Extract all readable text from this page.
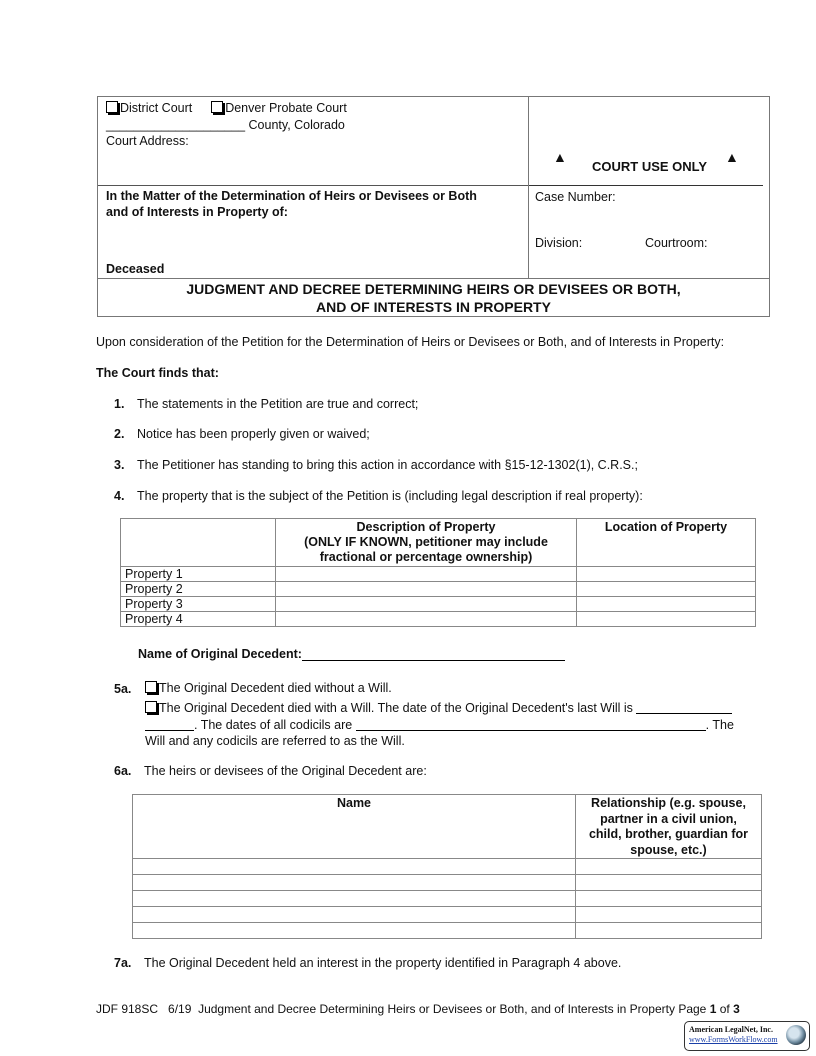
District Court	Denver Probate Court
____________________ County, Colorado
Court Address:
In the Matter of the Determination of Heirs or Devisees or Both
and of Interests in Property of:
Deceased
▲
COURT USE ONLY
▲
Case Number:
Division:	Courtroom:
JUDGMENT AND DECREE DETERMINING HEIRS OR DEVISEES OR BOTH,
AND OF INTERESTS IN PROPERTY
Upon consideration of the Petition for the Determination of Heirs or Devisees or Both, and of Interests in Property:
The Court finds that:
1. The statements in the Petition are true and correct;
2. Notice has been properly given or waived;
3. The Petitioner has standing to bring this action in accordance with §15-12-1302(1), C.R.S.;
4. The property that is the subject of the Petition is (including legal description if real property):

	Description of Property
(ONLY IF KNOWN, petitioner may include
fractional or percentage ownership)	Location of Property
Property 1		
Property 2		
Property 3		
Property 4		
Name of Original Decedent:
5a.	The Original Decedent died without a Will.
The Original Decedent died with a Will. The date of the Original Decedent's last Will is
. The dates of all codicils are	. The
Will and any codicils are referred to as the Will.
6a. The heirs or devisees of the Original Decedent are:
Name	Relationship (e.g. spouse,
partner in a civil union,
child, brother, guardian for
spouse, etc.)

7a. The Original Decedent held an interest in the property identified in Paragraph 4 above.
JDF 918SC 6/19 Judgment and Decree Determining Heirs or Devisees or Both, and of Interests in Property Page 1 of 3
American LegalNet, Inc.
www.FormsWorkFlow.com
